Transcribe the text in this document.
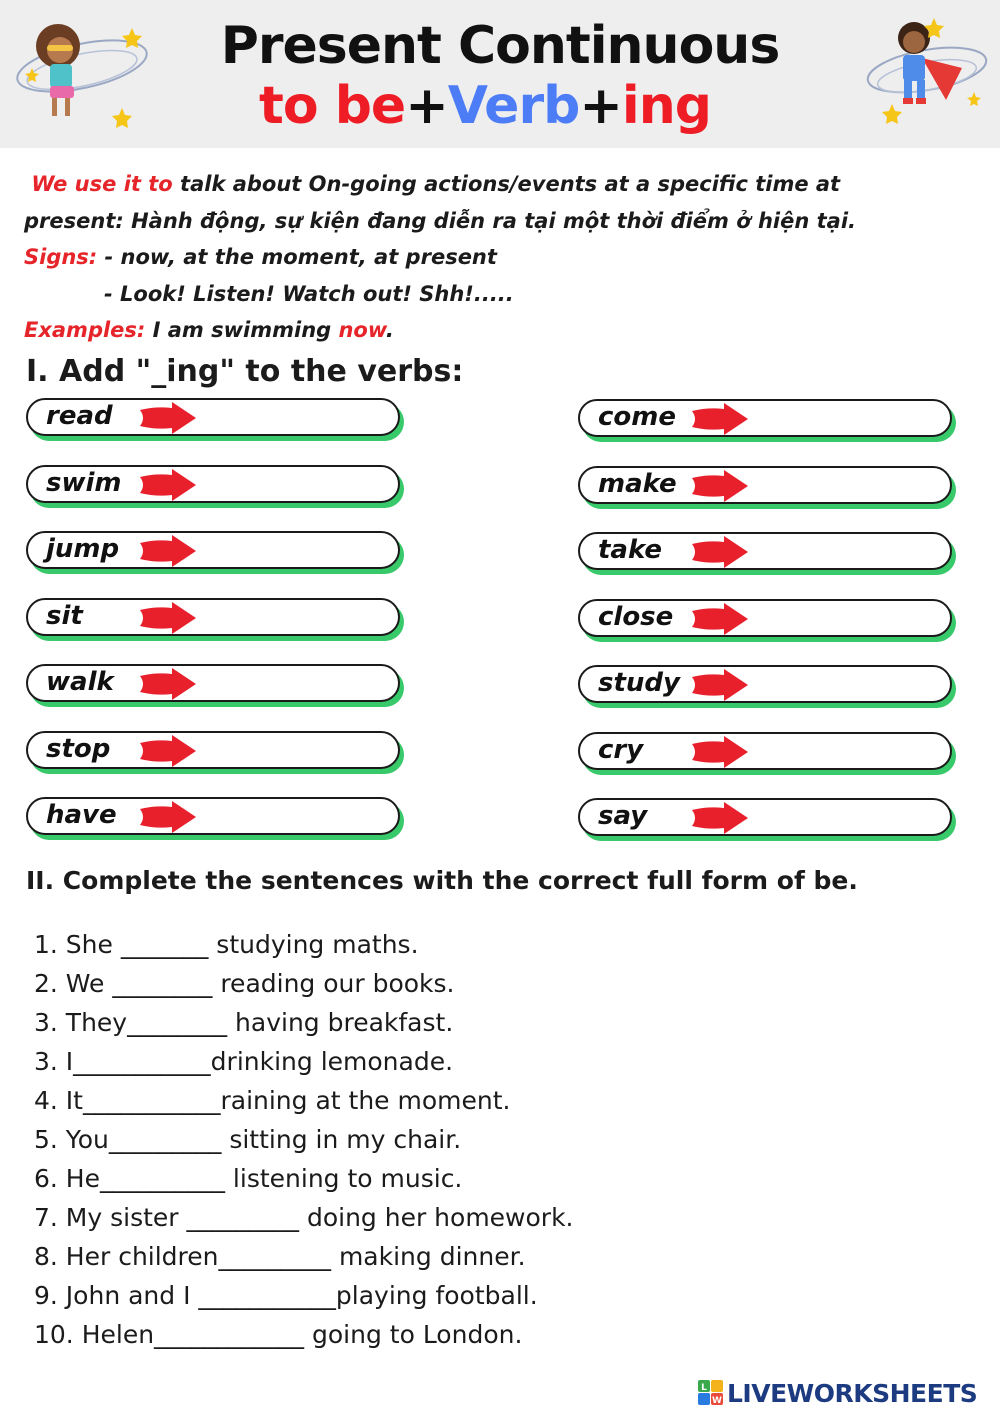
Present Continuous
to be+Verb+ing
We use it to talk about On-going actions/events at a specific time at
present: Hành động, sự kiện đang diễn ra tại một thời điểm ở hiện tại.
Signs: - now, at the moment, at present
- Look! Listen! Watch out! Shh!.....
Examples: I am swimming now.
I. Add "_ing" to the verbs:
read
swim
jump
sit
walk
stop
have
come
make
take
close
study
cry
say
II. Complete the sentences with the correct full form of be.
1. She _______ studying maths.
2. We ________ reading our books.
3. They________ having breakfast.
3. I___________drinking lemonade.
4. It___________raining at the moment.
5. You_________ sitting in my chair.
6. He__________ listening to music.
7. My sister _________ doing her homework.
8. Her children_________ making dinner.
9. John and I ___________playing football.
10. Helen____________ going to London.
L
W LIVEWORKSHEETS
